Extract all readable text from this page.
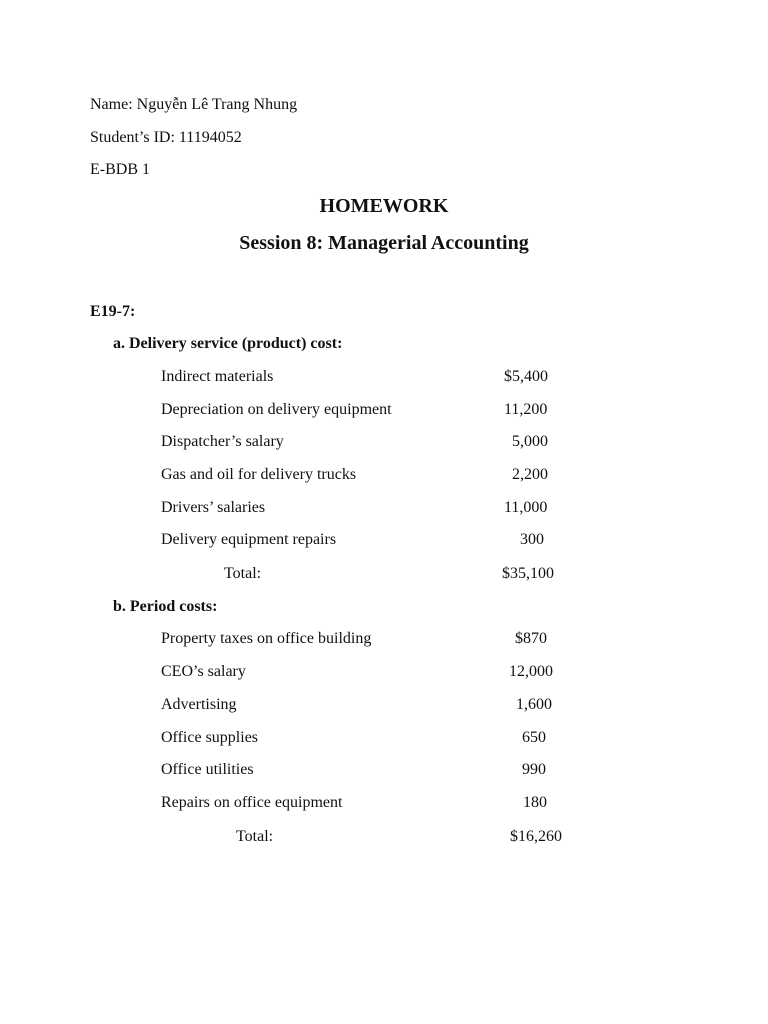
Name: Nguyễn Lê Trang Nhung
Student’s ID: 11194052
E-BDB 1
HOMEWORK
Session 8: Managerial Accounting
E19-7:
a. Delivery service (product) cost:
Indirect materials	$5,400
Depreciation on delivery equipment	11,200
Dispatcher’s salary	5,000
Gas and oil for delivery trucks	2,200
Drivers’ salaries	11,000
Delivery equipment repairs	300
Total:	$35,100
b. Period costs:
Property taxes on office building	$870
CEO’s salary	12,000
Advertising	1,600
Office supplies	650
Office utilities	990
Repairs on office equipment	180
Total:	$16,260
